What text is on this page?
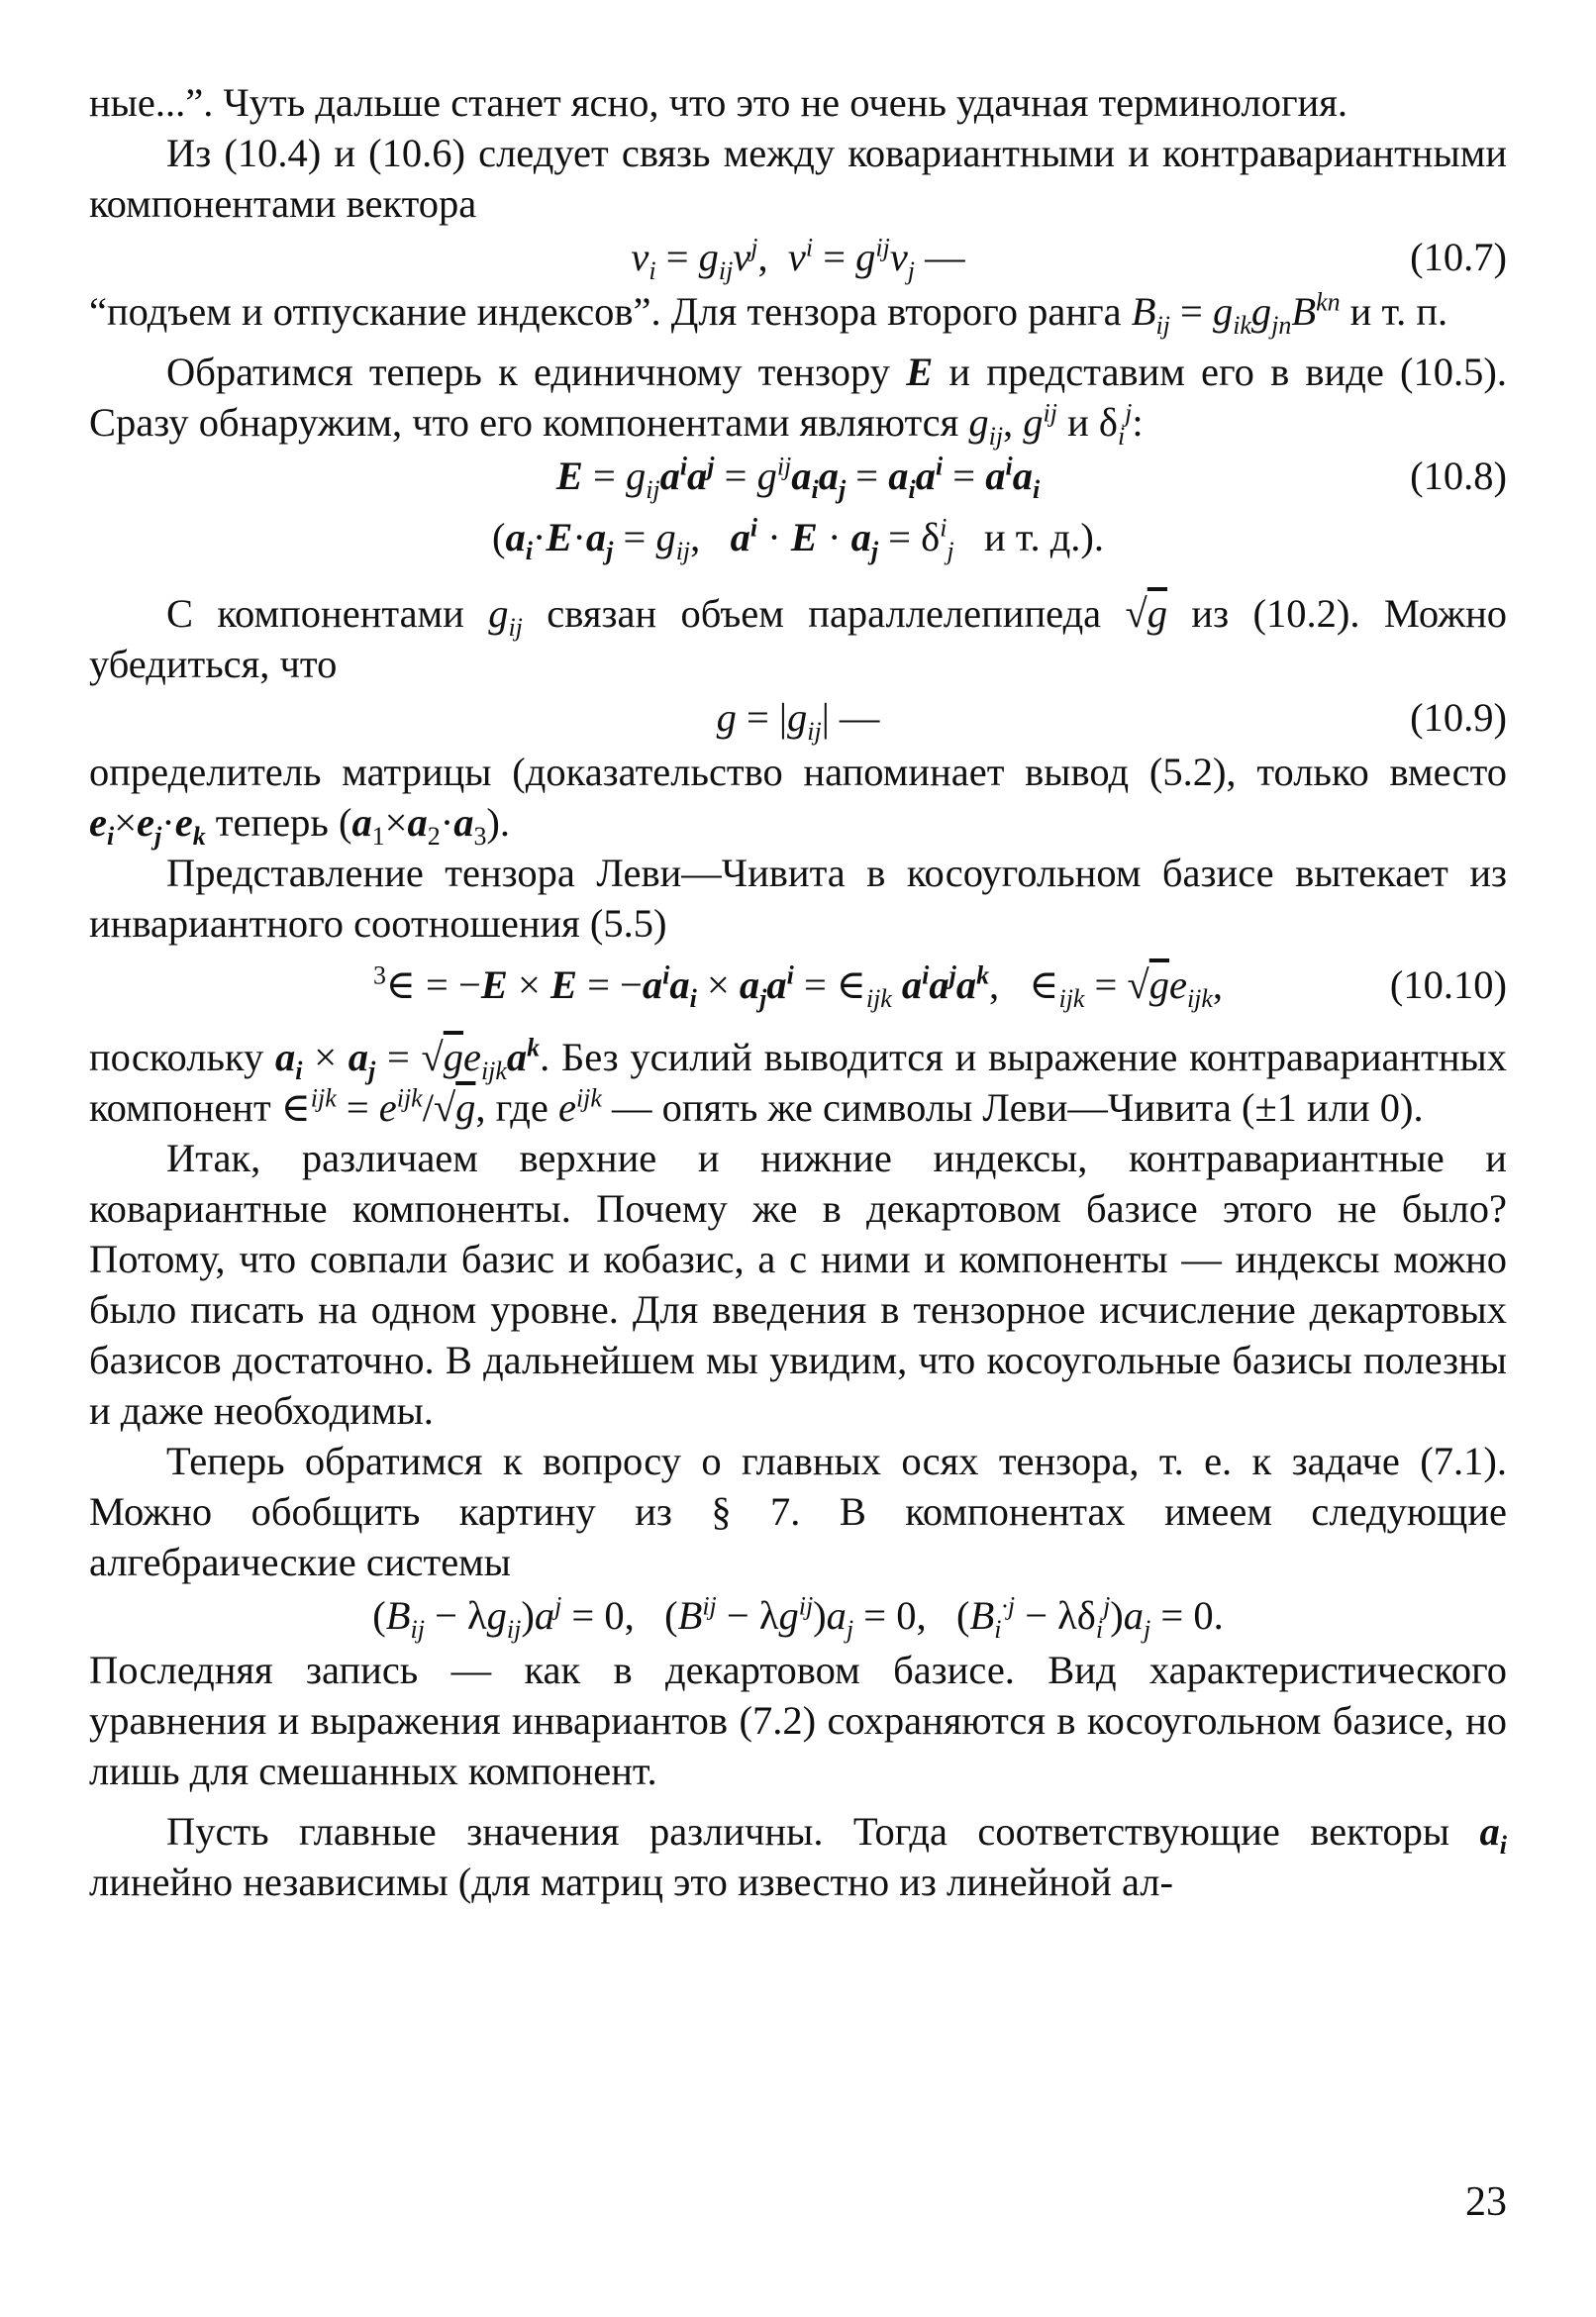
ные...”. Чуть дальше станет ясно, что это не очень удачная терминология.

Из (10.4) и (10.6) следует связь между ковариантными и контравариантными компонентами вектора

$v_i = g_{ij}v^j$,  $v^i = g^{ij}v_j$ —	(10.7)

“подъем и отпускание индексов”. Для тензора второго ранга $B_{ij} = g_{ik}g_{jn}B^{kn}$ и т. п.

Обратимся теперь к единичному тензору E и представим его в виде (10.5). Сразу обнаружим, что его компонентами являются $g_{ij}$, $g^{ij}$ и $\delta_i^j$:

$E = g_{ij}a^ia^j = g^{ij}a_ia_j = a_ia^i = a^ia_i$	(10.8)
($a_i\cdot E\cdot a_j = g_{ij}$,   $a^i \cdot E \cdot a_j = \delta^i_j$ и т. д.).

С компонентами $g_{ij}$ связан объем параллелепипеда √g из (10.2). Можно убедиться, что

$g = |g_{ij}|$ —	(10.9)

определитель матрицы (доказательство напоминает вывод (5.2), только вместо $e_i\times e_j\cdot e_k$ теперь $(a_1\times a_2\cdot a_3)$.

Представление тензора Леви—Чивита в косоугольном базисе вытекает из инвариантного соотношения (5.5)

$^3$∈ = $-E \times E = -a^ia_i \times a_ja^i$ = $\in_{ijk}$ $a^ia^ja^k$,   $\in_{ijk} = √ge_{ijk}$,	(10.10)

поскольку $a_i \times a_j = √ge_{ijk}a^k$. Без усилий выводится и выражение контравариантных компонент ∈$^{ijk}$ = $e^{ijk}/√g$, где $e^{ijk}$ — опять же символы Леви—Чивита (±1 или 0).

Итак, различаем верхние и нижние индексы, контравариантные и ковариантные компоненты. Почему же в декартовом базисе этого не было? Потому, что совпали базис и кобазис, а с ними и компоненты — индексы можно было писать на одном уровне. Для введения в тензорное исчисление декартовых базисов достаточно. В дальнейшем мы увидим, что косоугольные базисы полезны и даже необходимы.

Теперь обратимся к вопросу о главных осях тензора, т. е. к задаче (7.1). Можно обобщить картину из § 7. В компонентах имеем следующие алгебраические системы

$(B_{ij} - \lambda g_{ij})a^j = 0$,   $(B^{ij} - \lambda g^{ij})a_j = 0$,   $(B_i^{\cdot j} - \lambda\delta_i^j)a_j = 0$.

Последняя запись — как в декартовом базисе. Вид характеристического уравнения и выражения инвариантов (7.2) сохраняются в косоугольном базисе, но лишь для смешанных компонент.

Пусть главные значения различны. Тогда соответствующие векторы $a_i$ линейно независимы (для матриц это известно из линейной ал-

23
